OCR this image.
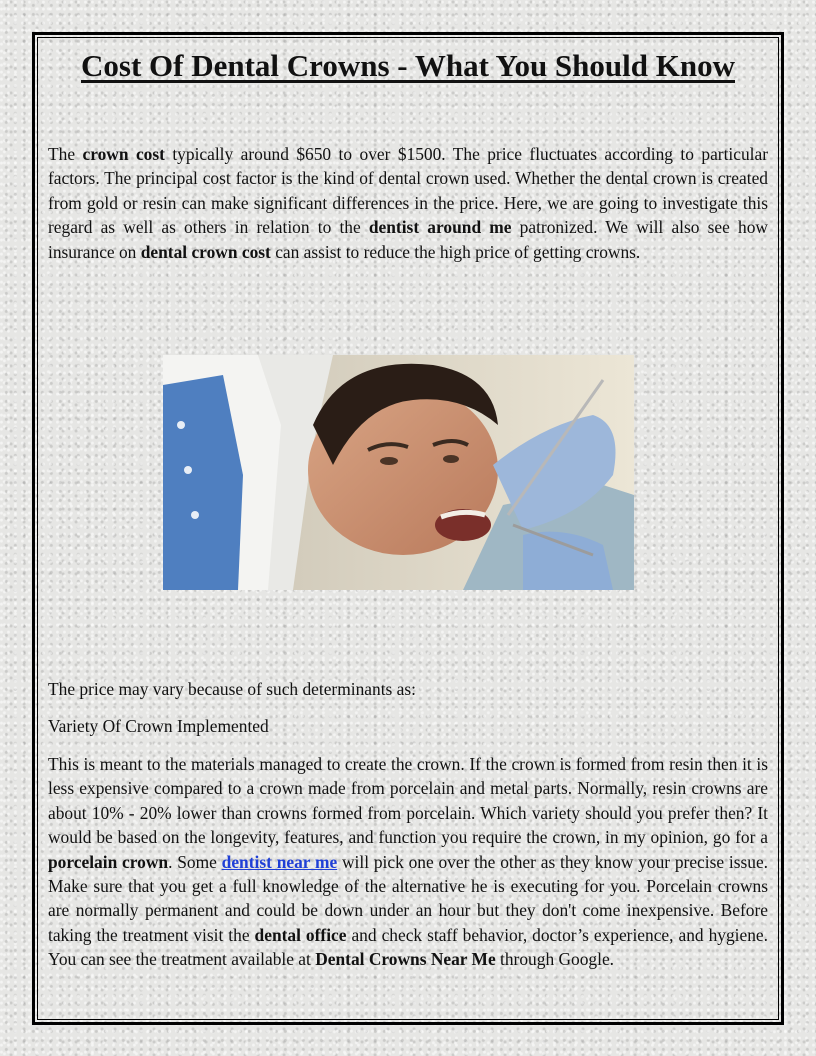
Cost Of Dental Crowns - What You Should Know

The crown cost typically around $650 to over $1500. The price fluctuates according to particular factors. The principal cost factor is the kind of dental crown used. Whether the dental crown is created from gold or resin can make significant differences in the price. Here, we are going to investigate this regard as well as others in relation to the dentist around me patronized. We will also see how insurance on dental crown cost can assist to reduce the high price of getting crowns.

The price may vary because of such determinants as:

Variety Of Crown Implemented

This is meant to the materials managed to create the crown. If the crown is formed from resin then it is less expensive compared to a crown made from porcelain and metal parts. Normally, resin crowns are about 10% - 20% lower than crowns formed from porcelain. Which variety should you prefer then? It would be based on the longevity, features, and function you require the crown, in my opinion, go for a porcelain crown. Some dentist near me will pick one over the other as they know your precise issue. Make sure that you get a full knowledge of the alternative he is executing for you. Porcelain crowns are normally permanent and could be down under an hour but they don't come inexpensive. Before taking the treatment visit the dental office and check staff behavior, doctor’s experience, and hygiene. You can see the treatment available at Dental Crowns Near Me through Google.
